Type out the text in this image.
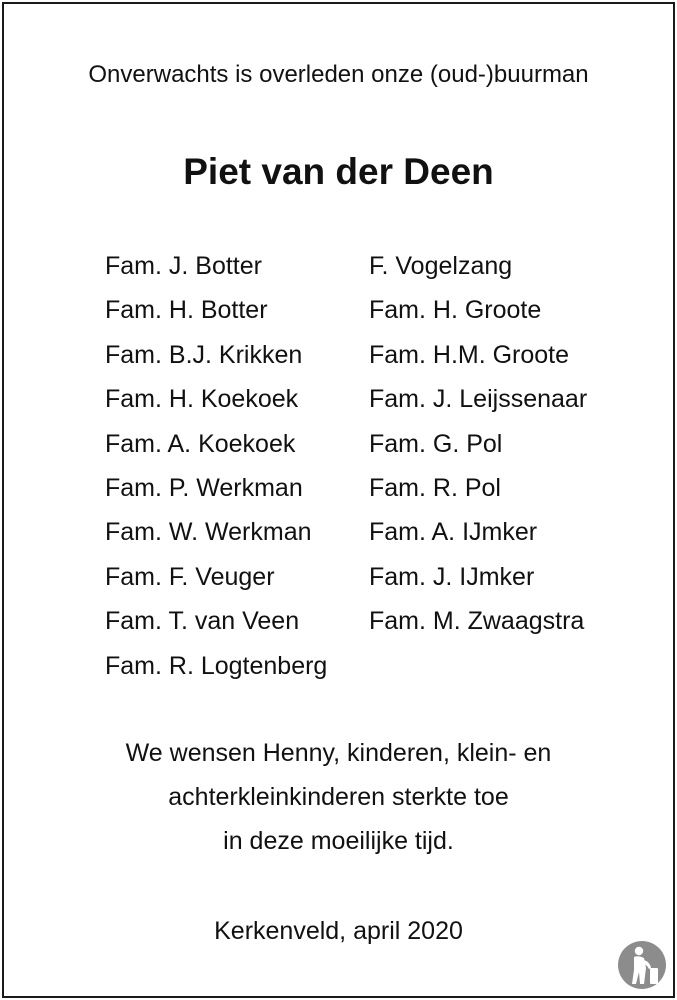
Onverwachts is overleden onze (oud-)buurman
Piet van der Deen
Fam. J. Botter
Fam. H. Botter
Fam. B.J. Krikken
Fam. H. Koekoek
Fam. A. Koekoek
Fam. P. Werkman
Fam. W. Werkman
Fam. F. Veuger
Fam. T. van Veen
Fam. R. Logtenberg
F. Vogelzang
Fam. H. Groote
Fam. H.M. Groote
Fam. J. Leijssenaar
Fam. G. Pol
Fam. R. Pol
Fam. A. IJmker
Fam. J. IJmker
Fam. M. Zwaagstra
We wensen Henny, kinderen, klein- en
achterkleinkinderen sterkte toe
in deze moeilijke tijd.
Kerkenveld, april 2020
